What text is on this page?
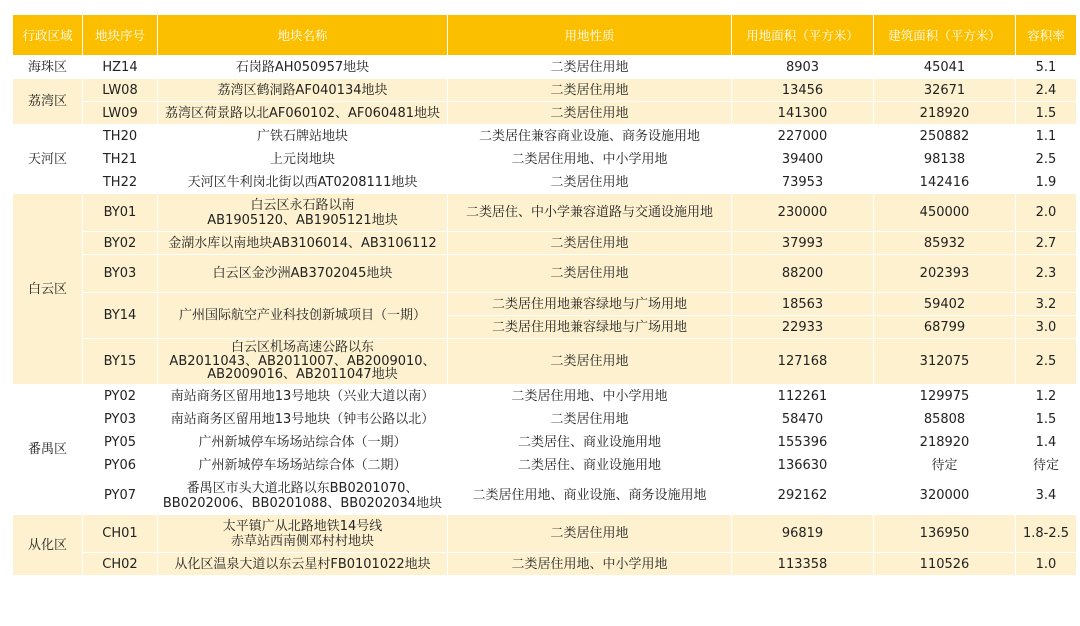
行政区域	地块序号	地块名称	用地性质	用地面积（平方米）	建筑面积（平方米）	容积率
海珠区	HZ14	石岗路AH050957地块	二类居住用地	8903	45041	5.1
荔湾区	LW08	荔湾区鹤洞路AF040134地块	二类居住用地	13456	32671	2.4
	LW09	荔湾区荷景路以北AF060102、AF060481地块	二类居住用地	141300	218920	1.5
天河区	TH20	广铁石牌站地块	二类居住兼容商业设施、商务设施用地	227000	250882	1.1
	TH21	上元岗地块	二类居住用地、中小学用地	39400	98138	2.5
	TH22	天河区牛利岗北街以西AT0208111地块	二类居住用地	73953	142416	1.9
白云区	BY01	白云区永石路以南
AB1905120、AB1905121地块	二类居住、中小学兼容道路与交通设施用地	230000	450000	2.0
	BY02	金湖水库以南地块AB3106014、AB3106112	二类居住用地	37993	85932	2.7
	BY03	白云区金沙洲AB3702045地块	二类居住用地	88200	202393	2.3
	BY14	广州国际航空产业科技创新城项目（一期）	二类居住用地兼容绿地与广场用地	18563	59402	3.2
			二类居住用地兼容绿地与广场用地	22933	68799	3.0
	BY15	白云区机场高速公路以东
AB2011043、AB2011007、AB2009010、
AB2009016、AB2011047地块	二类居住用地	127168	312075	2.5
番禺区	PY02	南站商务区留用地13号地块（兴业大道以南）	二类居住用地、中小学用地	112261	129975	1.2
	PY03	南站商务区留用地13号地块（钟韦公路以北）	二类居住用地	58470	85808	1.5
	PY05	广州新城停车场场站综合体（一期）	二类居住、商业设施用地	155396	218920	1.4
	PY06	广州新城停车场场站综合体（二期）	二类居住、商业设施用地	136630	待定	待定
	PY07	番禺区市头大道北路以东BB0201070、
BB0202006、BB0201088、BB0202034地块	二类居住用地、商业设施、商务设施用地	292162	320000	3.4
从化区	CH01	太平镇广从北路地铁14号线
赤草站西南侧邓村村地块	二类居住用地	96819	136950	1.8-2.5
	CH02	从化区温泉大道以东云星村FB0101022地块	二类居住用地、中小学用地	113358	110526	1.0
